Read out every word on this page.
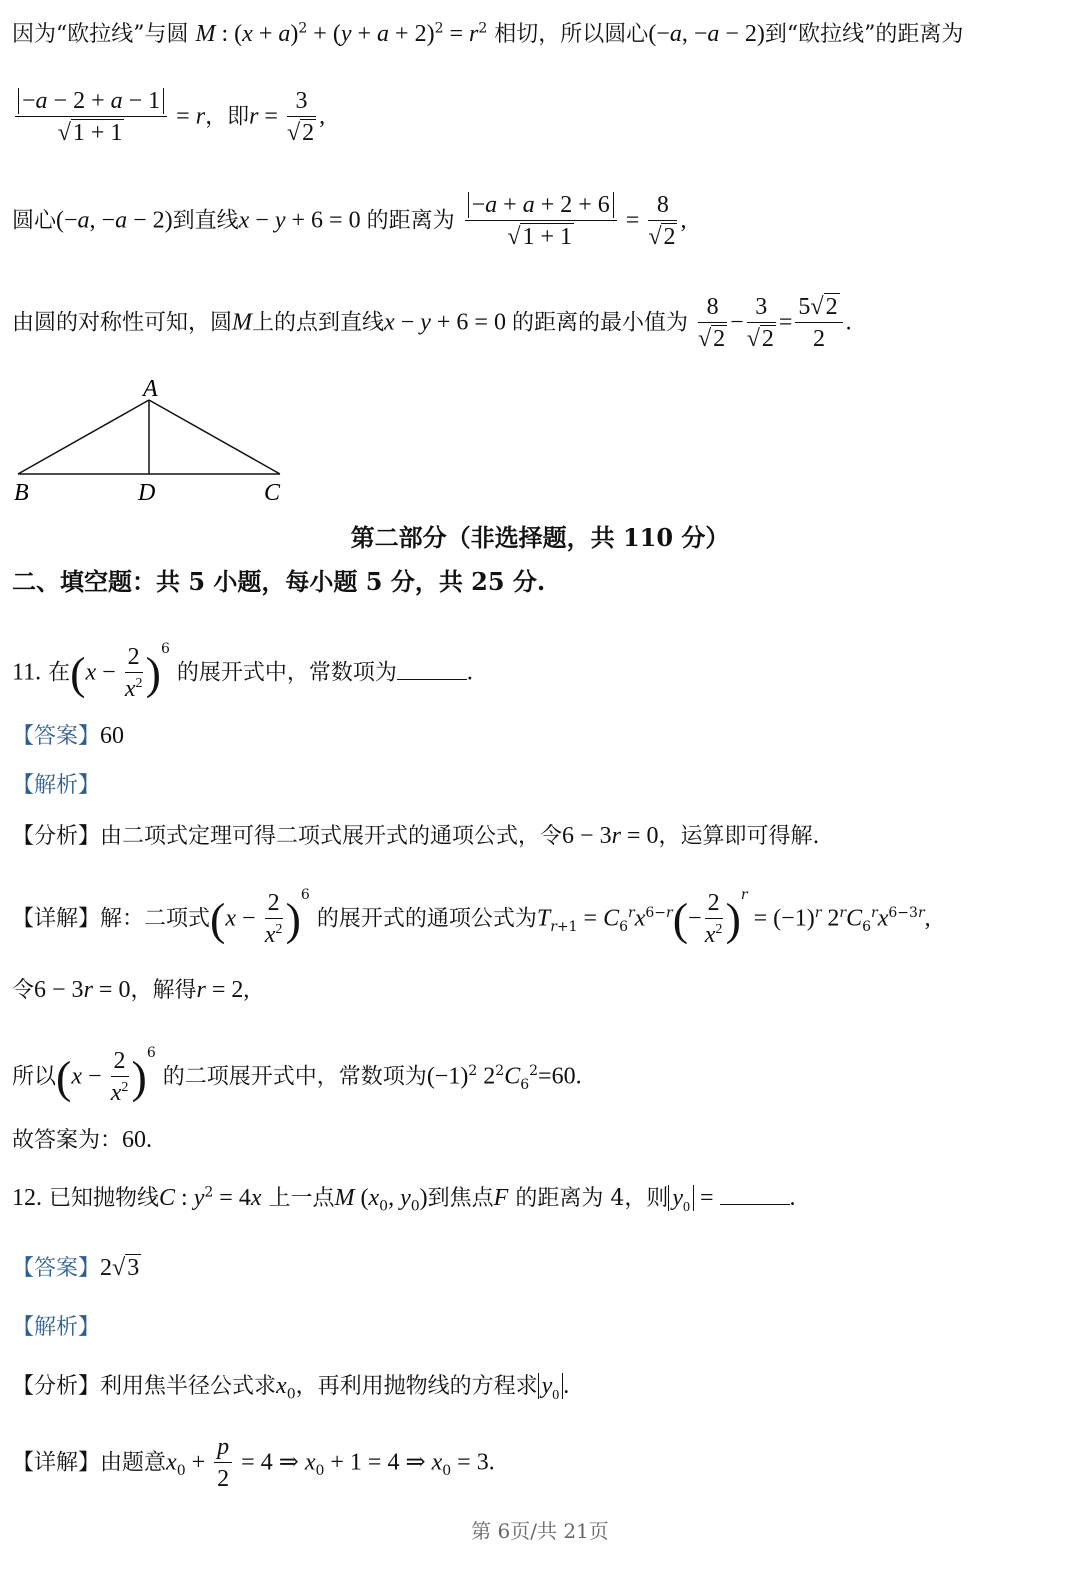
因为“欧拉线”与圆 M : $(x + a)^2 + (y + a + 2)^2 = r^2$ 相切，所以圆心(−a, −a − 2)到“欧拉线”的距离为
$\frac{-a - 2 + a - 1}{√1 + 1} = r$，即$r = \frac{3}{√2}$ ,
圆心(−a, −a − 2)到直线x − y + 6 = 0 的距离为 $\frac{-a + a + 2 + 6}{√1 + 1} = \frac{8}{√2}$ ,
由圆的对称性可知，圆M上的点到直线x − y + 6 = 0 的距离的最小值为 $\frac{8}{√2} - \frac{3}{√2} = \frac{5√2}{2}$ .
A
B	D	C
第二部分（非选择题，共 110 分）
二、填空题：共 5 小题，每小题 5 分，共 25 分.
11. 在$(x - \frac{2}{x^2} )^6$ 的展开式中，常数项为	.
【答案】60
【解析】
【分析】由二项式定理可得二项式展开式的通项公式，令6 − 3r = 0，运算即可得解.
【详解】解：二项式$(x - \frac{2}{x^2} )^6$ 的展开式的通项公式为$T_{r+1} = C_6^rx^{6-r}(- \frac{2}{x^2} )^r = (-1)^r$ $2^rC_6^rx^{6-3r}$,
令6 − 3r = 0，解得r = 2,
所以$(x - \frac{2}{x^2} )^6$ 的二项展开式中，常数项为$(-1)^2$ $2^2C_6^2=60$.
故答案为：60.
12. 已知抛物线C : $y^2 = 4x$ 上一点M ($x_0$, $y_0$)到焦点F 的距离为 4，则 $y_0$ =	.
【答案】2√3
【解析】
【分析】利用焦半径公式求$x_0$，再利用抛物线的方程求 $y_0$ .
【详解】由题意$x_0 + \frac{p}{2} = 4$ ⇒ $x_0 + 1 = 4$ ⇒ $x_0 = 3$.
第 6页/共 21页
